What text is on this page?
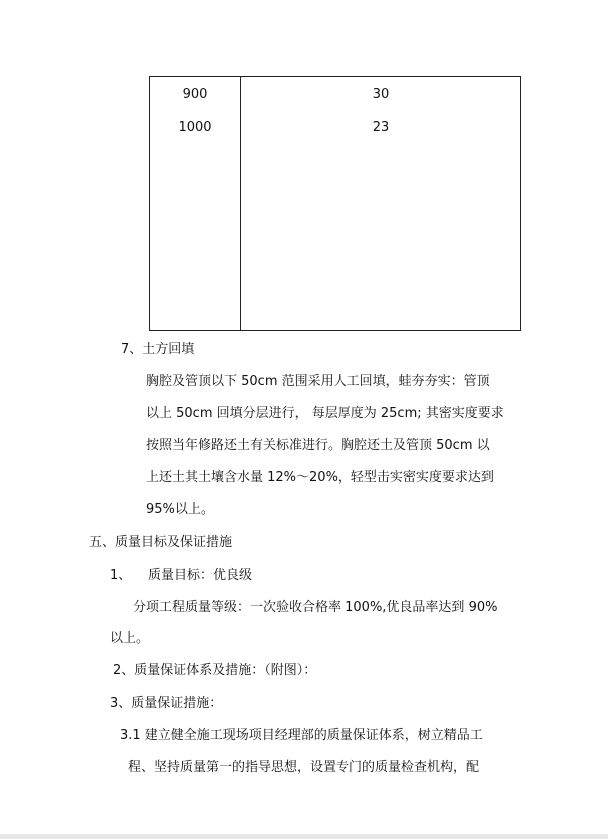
900	30
1000	23
7、土方回填
胸腔及管顶以下 50cm 范围采用人工回填，蛙夯夯实：管顶
以上 50cm 回填分层进行， 每层厚度为 25cm; 其密实度要求
按照当年修路还土有关标准进行。胸腔还土及管顶 50cm 以
上还土其土壤含水量 12%～20%，轻型击实密实度要求达到
95%以上。
五、质量目标及保证措施
1、 质量目标：优良级
分项工程质量等级：一次验收合格率 100%,优良品率达到 90%
以上。
2、质量保证体系及措施：（附图）：
3、质量保证措施：
3.1 建立健全施工现场项目经理部的质量保证体系，树立精品工
程、坚持质量第一的指导思想，设置专门的质量检查机构，配
